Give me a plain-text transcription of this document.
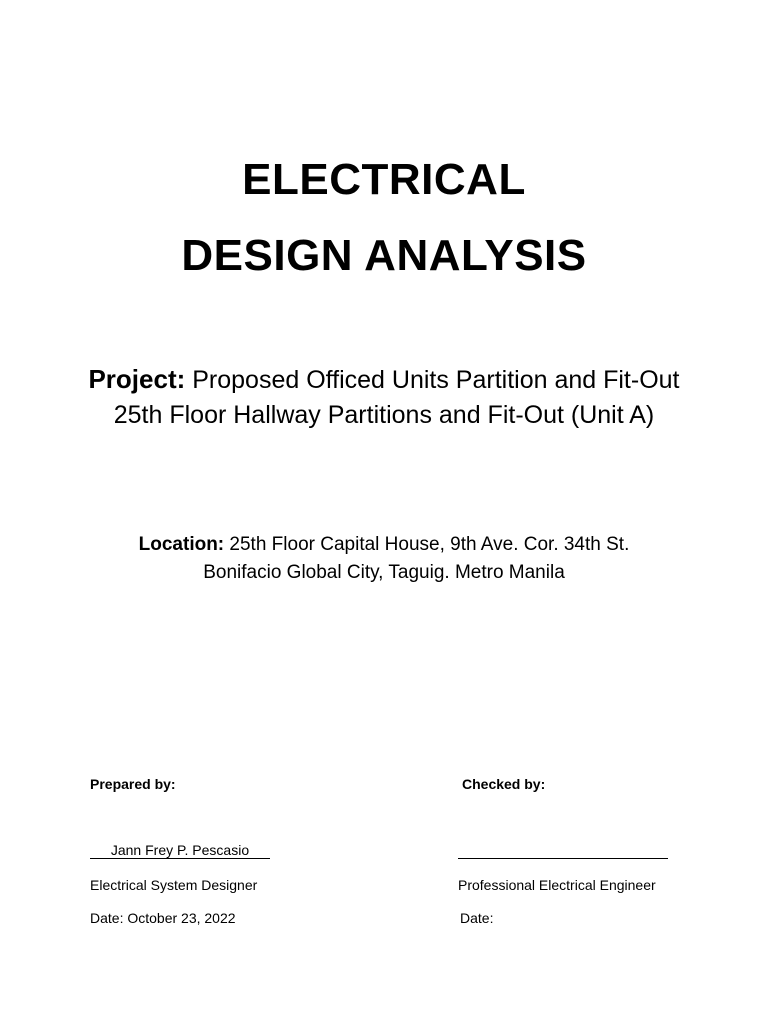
ELECTRICAL
DESIGN ANALYSIS
Project: Proposed Officed Units Partition and Fit-Out 25th Floor Hallway Partitions and Fit-Out (Unit A)
Location: 25th Floor Capital House, 9th Ave. Cor. 34th St.
Bonifacio Global City, Taguig. Metro Manila
Prepared by:	Checked by:
Jann Frey P. Pescasio
Electrical System Designer	Professional Electrical Engineer
Date: October 23, 2022	Date:
